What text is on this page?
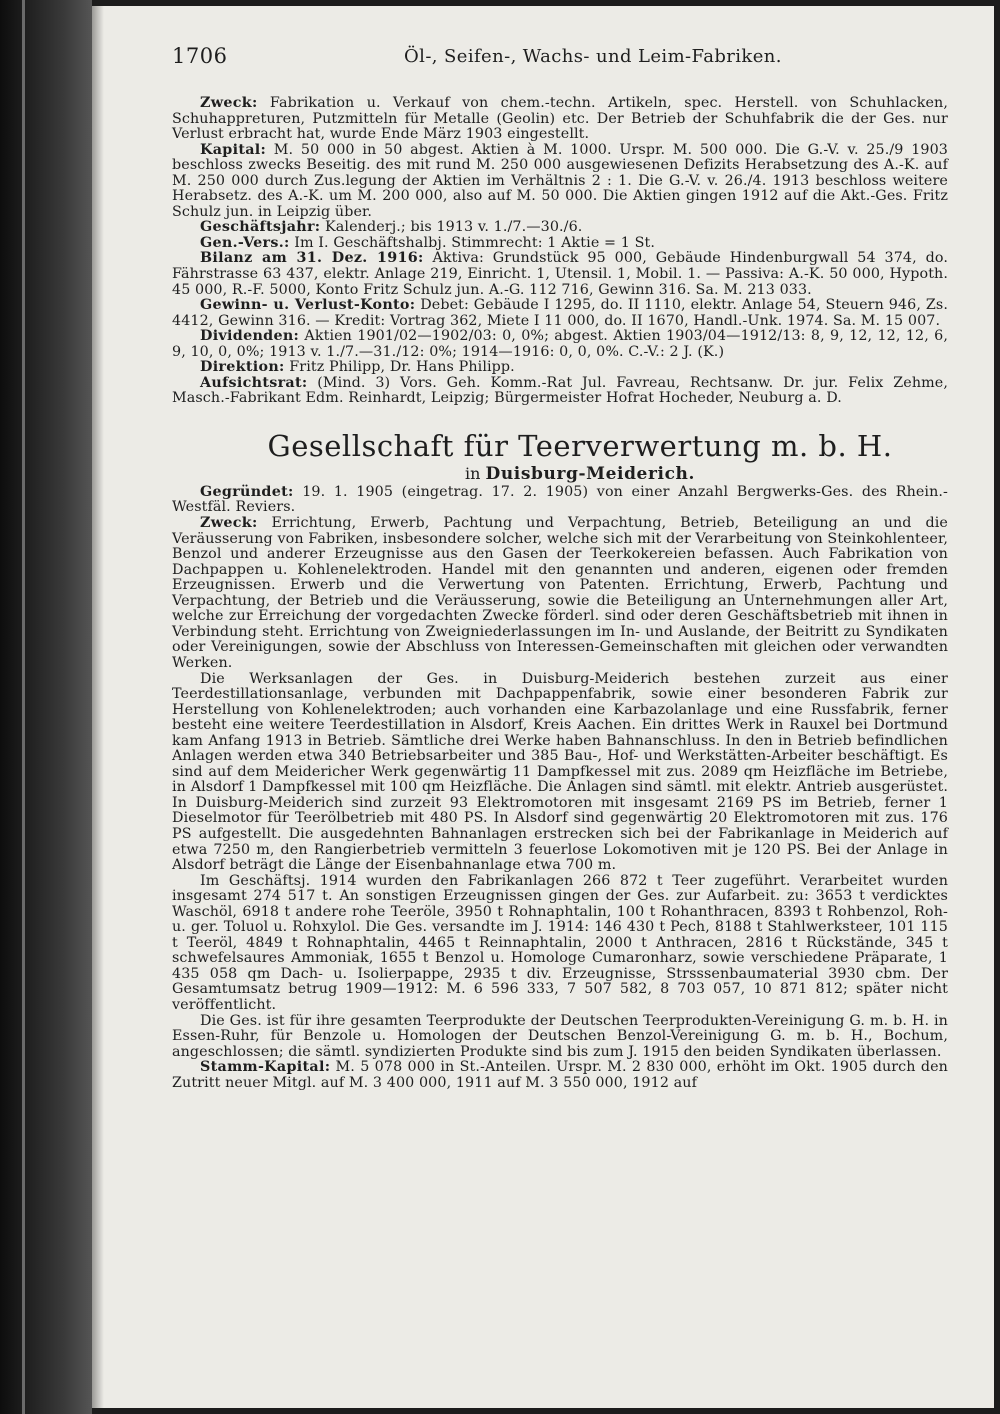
1706	Öl-, Seifen-, Wachs- und Leim-Fabriken.

Zweck: Fabrikation u. Verkauf von chem.-techn. Artikeln, spec. Herstell. von Schuhlacken, Schuhappreturen, Putzmitteln für Metalle (Geolin) etc. Der Betrieb der Schuhfabrik die der Ges. nur Verlust erbracht hat, wurde Ende März 1903 eingestellt.

Kapital: M. 50 000 in 50 abgest. Aktien à M. 1000. Urspr. M. 500 000. Die G.-V. v. 25./9 1903 beschloss zwecks Beseitig. des mit rund M. 250 000 ausgewiesenen Defizits Herabsetzung des A.-K. auf M. 250 000 durch Zus.legung der Aktien im Verhältnis 2 : 1. Die G.-V. v. 26./4. 1913 beschloss weitere Herabsetz. des A.-K. um M. 200 000, also auf M. 50 000. Die Aktien gingen 1912 auf die Akt.-Ges. Fritz Schulz jun. in Leipzig über.

Geschäftsjahr: Kalenderj.; bis 1913 v. 1./7.—30./6.

Gen.-Vers.: Im I. Geschäftshalbj. Stimmrecht: 1 Aktie = 1 St.

Bilanz am 31. Dez. 1916: Aktiva: Grundstück 95 000, Gebäude Hindenburgwall 54 374, do. Fährstrasse 63 437, elektr. Anlage 219, Einricht. 1, Utensil. 1, Mobil. 1. — Passiva: A.-K. 50 000, Hypoth. 45 000, R.-F. 5000, Konto Fritz Schulz jun. A.-G. 112 716, Gewinn 316. Sa. M. 213 033.

Gewinn- u. Verlust-Konto: Debet: Gebäude I 1295, do. II 1110, elektr. Anlage 54, Steuern 946, Zs. 4412, Gewinn 316. — Kredit: Vortrag 362, Miete I 11 000, do. II 1670, Handl.-Unk. 1974. Sa. M. 15 007.

Dividenden: Aktien 1901/02—1902/03: 0, 0%; abgest. Aktien 1903/04—1912/13: 8, 9, 12, 12, 12, 6, 9, 10, 0, 0%; 1913 v. 1./7.—31./12: 0%; 1914—1916: 0, 0, 0%. C.-V.: 2 J. (K.)

Direktion: Fritz Philipp, Dr. Hans Philipp.

Aufsichtsrat: (Mind. 3) Vors. Geh. Komm.-Rat Jul. Favreau, Rechtsanw. Dr. jur. Felix Zehme, Masch.-Fabrikant Edm. Reinhardt, Leipzig; Bürgermeister Hofrat Hocheder, Neuburg a. D.

Gesellschaft für Teerverwertung m. b. H.
in Duisburg-Meiderich.

Gegründet: 19. 1. 1905 (eingetrag. 17. 2. 1905) von einer Anzahl Bergwerks-Ges. des Rhein.-Westfäl. Reviers.

Zweck: Errichtung, Erwerb, Pachtung und Verpachtung, Betrieb, Beteiligung an und die Veräusserung von Fabriken, insbesondere solcher, welche sich mit der Verarbeitung von Steinkohlenteer, Benzol und anderer Erzeugnisse aus den Gasen der Teerkokereien befassen. Auch Fabrikation von Dachpappen u. Kohlenelektroden. Handel mit den genannten und anderen, eigenen oder fremden Erzeugnissen. Erwerb und die Verwertung von Patenten. Errichtung, Erwerb, Pachtung und Verpachtung, der Betrieb und die Veräusserung, sowie die Beteiligung an Unternehmungen aller Art, welche zur Erreichung der vorgedachten Zwecke förderl. sind oder deren Geschäftsbetrieb mit ihnen in Verbindung steht. Errichtung von Zweigniederlassungen im In- und Auslande, der Beitritt zu Syndikaten oder Vereinigungen, sowie der Abschluss von Interessen-Gemeinschaften mit gleichen oder verwandten Werken.

Die Werksanlagen der Ges. in Duisburg-Meiderich bestehen zurzeit aus einer Teerdestillationsanlage, verbunden mit Dachpappenfabrik, sowie einer besonderen Fabrik zur Herstellung von Kohlenelektroden; auch vorhanden eine Karbazolanlage und eine Russfabrik, ferner besteht eine weitere Teerdestillation in Alsdorf, Kreis Aachen. Ein drittes Werk in Rauxel bei Dortmund kam Anfang 1913 in Betrieb. Sämtliche drei Werke haben Bahnanschluss. In den in Betrieb befindlichen Anlagen werden etwa 340 Betriebsarbeiter und 385 Bau-, Hof- und Werkstätten-Arbeiter beschäftigt. Es sind auf dem Meidericher Werk gegenwärtig 11 Dampfkessel mit zus. 2089 qm Heizfläche im Betriebe, in Alsdorf 1 Dampfkessel mit 100 qm Heizfläche. Die Anlagen sind sämtl. mit elektr. Antrieb ausgerüstet. In Duisburg-Meiderich sind zurzeit 93 Elektromotoren mit insgesamt 2169 PS im Betrieb, ferner 1 Dieselmotor für Teerölbetrieb mit 480 PS. In Alsdorf sind gegenwärtig 20 Elektromotoren mit zus. 176 PS aufgestellt. Die ausgedehnten Bahnanlagen erstrecken sich bei der Fabrikanlage in Meiderich auf etwa 7250 m, den Rangierbetrieb vermitteln 3 feuerlose Lokomotiven mit je 120 PS. Bei der Anlage in Alsdorf beträgt die Länge der Eisenbahnanlage etwa 700 m.

Im Geschäftsj. 1914 wurden den Fabrikanlagen 266 872 t Teer zugeführt. Verarbeitet wurden insgesamt 274 517 t. An sonstigen Erzeugnissen gingen der Ges. zur Aufarbeit. zu: 3653 t verdicktes Waschöl, 6918 t andere rohe Teeröle, 3950 t Rohnaphtalin, 100 t Rohanthracen, 8393 t Rohbenzol, Roh- u. ger. Toluol u. Rohxylol. Die Ges. versandte im J. 1914: 146 430 t Pech, 8188 t Stahlwerksteer, 101 115 t Teeröl, 4849 t Rohnaphtalin, 4465 t Reinnaphtalin, 2000 t Anthracen, 2816 t Rückstände, 345 t schwefelsaures Ammoniak, 1655 t Benzol u. Homologe Cumaronharz, sowie verschiedene Präparate, 1 435 058 qm Dach- u. Isolierpappe, 2935 t div. Erzeugnisse, Strsssenbaumaterial 3930 cbm. Der Gesamtumsatz betrug 1909—1912: M. 6 596 333, 7 507 582, 8 703 057, 10 871 812; später nicht veröffentlicht.

Die Ges. ist für ihre gesamten Teerprodukte der Deutschen Teerprodukten-Vereinigung G. m. b. H. in Essen-Ruhr, für Benzole u. Homologen der Deutschen Benzol-Vereinigung G. m. b. H., Bochum, angeschlossen; die sämtl. syndizierten Produkte sind bis zum J. 1915 den beiden Syndikaten überlassen.

Stamm-Kapital: M. 5 078 000 in St.-Anteilen. Urspr. M. 2 830 000, erhöht im Okt. 1905 durch den Zutritt neuer Mitgl. auf M. 3 400 000, 1911 auf M. 3 550 000, 1912 auf
